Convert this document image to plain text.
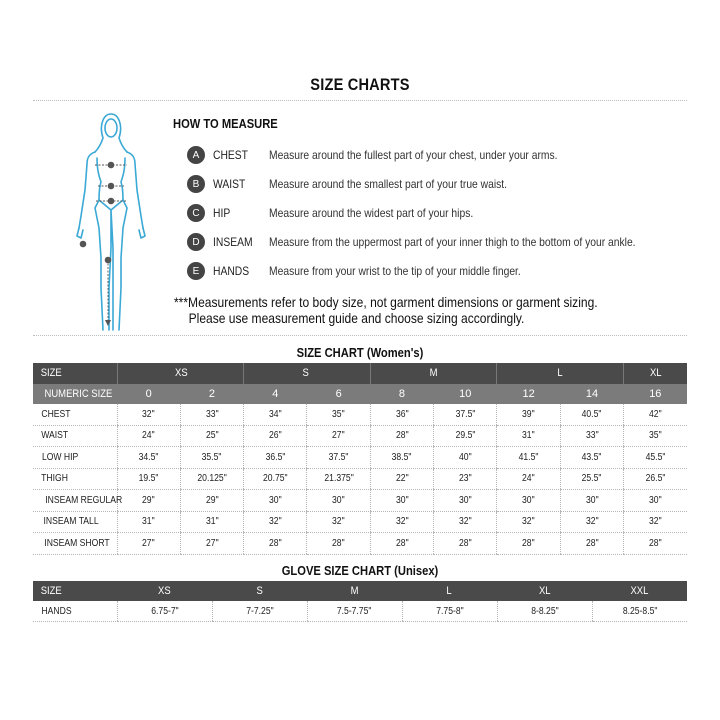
SIZE CHARTS
HOW TO MEASURE
A	CHEST	Measure around the fullest part of your chest, under your arms.
B	WAIST	Measure around the smallest part of your true waist.
C	HIP	Measure around the widest part of your hips.
D	INSEAM	Measure from the uppermost part of your inner thigh to the bottom of your ankle.
E	HANDS	Measure from your wrist to the tip of your middle finger.
***Measurements refer to body size, not garment dimensions or garment sizing.
Please use measurement guide and choose sizing accordingly.
SIZE CHART (Women's)
SIZE	XS		S		M		L		XL
NUMERIC SIZE	0	2	4	6	8	10	12	14	16
CHEST	32"	33"	34"	35"	36"	37.5"	39"	40.5"	42"
WAIST	24"	25"	26"	27"	28"	29.5"	31"	33"	35"
LOW HIP	34.5"	35.5"	36.5"	37.5"	38.5"	40"	41.5"	43.5"	45.5"
THIGH	19.5"	20.125"	20.75"	21.375"	22"	23"	24"	25.5"	26.5"
INSEAM REGULAR	29"	29"	30"	30"	30"	30"	30"	30"	30"
INSEAM TALL	31"	31"	32"	32"	32"	32"	32"	32"	32"
INSEAM SHORT	27"	27"	28"	28"	28"	28"	28"	28"	28"
GLOVE SIZE CHART (Unisex)
SIZE	XS	S	M	L	XL	XXL
HANDS	6.75-7"	7-7.25"	7.5-7.75"	7.75-8"	8-8.25"	8.25-8.5"
